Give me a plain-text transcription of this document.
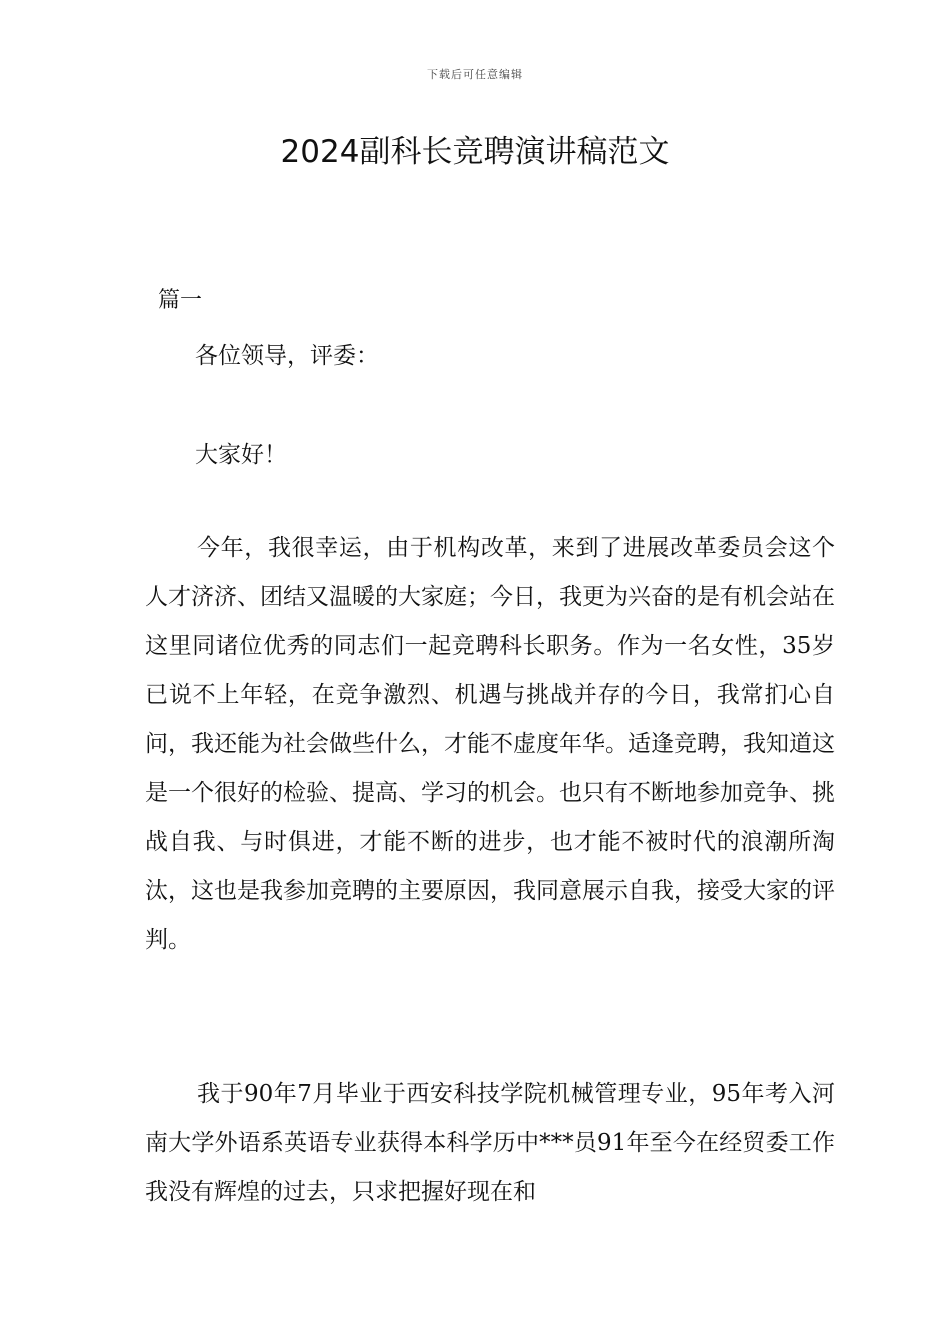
下载后可任意编辑
2024副科长竞聘演讲稿范文
篇一
各位领导，评委：
大家好！

今年，我很幸运，由于机构改革，来到了进展改革委员会这个人才济济、团结又温暖的大家庭；今日，我更为兴奋的是有机会站在这里同诸位优秀的同志们一起竞聘科长职务。作为一名女性，35岁已说不上年轻，在竞争激烈、机遇与挑战并存的今日，我常扪心自问，我还能为社会做些什么，才能不虚度年华。适逢竞聘，我知道这是一个很好的检验、提高、学习的机会。也只有不断地参加竞争、挑战自我、与时俱进，才能不断的进步，也才能不被时代的浪潮所淘汰，这也是我参加竞聘的主要原因，我同意展示自我，接受大家的评判。

我于90年7月毕业于西安科技学院机械管理专业，95年考入河南大学外语系英语专业获得本科学历中***员91年至今在经贸委工作我没有辉煌的过去，只求把握好现在和
